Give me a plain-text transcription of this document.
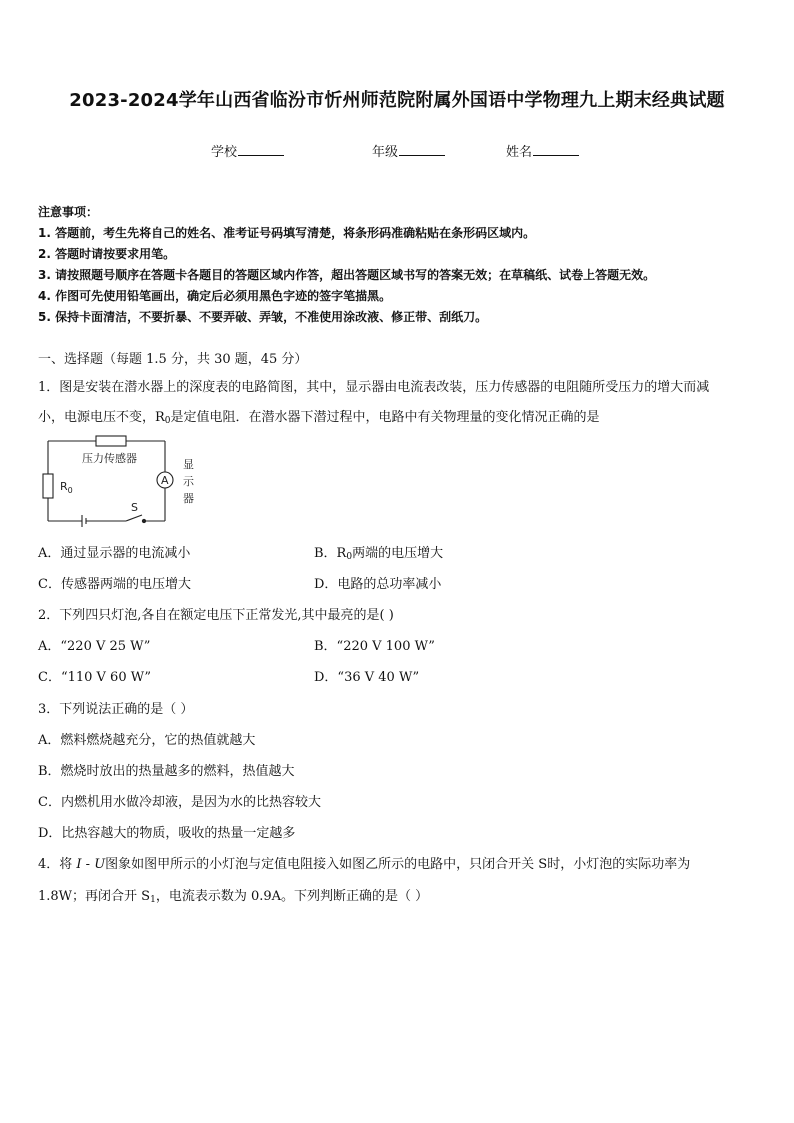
2023-2024学年山西省临汾市忻州师范院附属外国语中学物理九上期末经典试题
学校	年级	姓名
注意事项：
1. 答题前，考生先将自己的姓名、准考证号码填写清楚，将条形码准确粘贴在条形码区域内。
2. 答题时请按要求用笔。
3. 请按照题号顺序在答题卡各题目的答题区域内作答，超出答题区域书写的答案无效；在草稿纸、试卷上答题无效。
4. 作图可先使用铅笔画出，确定后必须用黑色字迹的签字笔描黑。
5. 保持卡面清洁，不要折暴、不要弄破、弄皱，不准使用涂改液、修正带、刮纸刀。
一、选择题（每题 1.5 分，共 30 题，45 分）
1．图是安装在潜水器上的深度表的电路简图，其中，显示器由电流表改装，压力传感器的电阻随所受压力的增大而减
小，电源电压不变，$R_0$是定值电阻．在潜水器下潜过程中，电路中有关物理量的变化情况正确的是
压力传感器
$R_0$
A
显
示
器
S
A．通过显示器的电流减小	B．$R_0$两端的电压增大
C．传感器两端的电压增大	D．电路的总功率减小
2．下列四只灯泡,各自在额定电压下正常发光,其中最亮的是( )
A．“220 V 25 W”	B．“220 V 100 W”
C．“110 V 60 W”	D．“36 V 40 W”
3．下列说法正确的是（ ）
A．燃料燃烧越充分，它的热值就越大
B．燃烧时放出的热量越多的燃料，热值越大
C．内燃机用水做冷却液，是因为水的比热容较大
D．比热容越大的物质，吸收的热量一定越多
4．将 I - U图象如图甲所示的小灯泡与定值电阻接入如图乙所示的电路中，只闭合开关 S时，小灯泡的实际功率为
1.8W；再闭合开 $S_1$，电流表示数为 0.9A。下列判断正确的是（ ）
